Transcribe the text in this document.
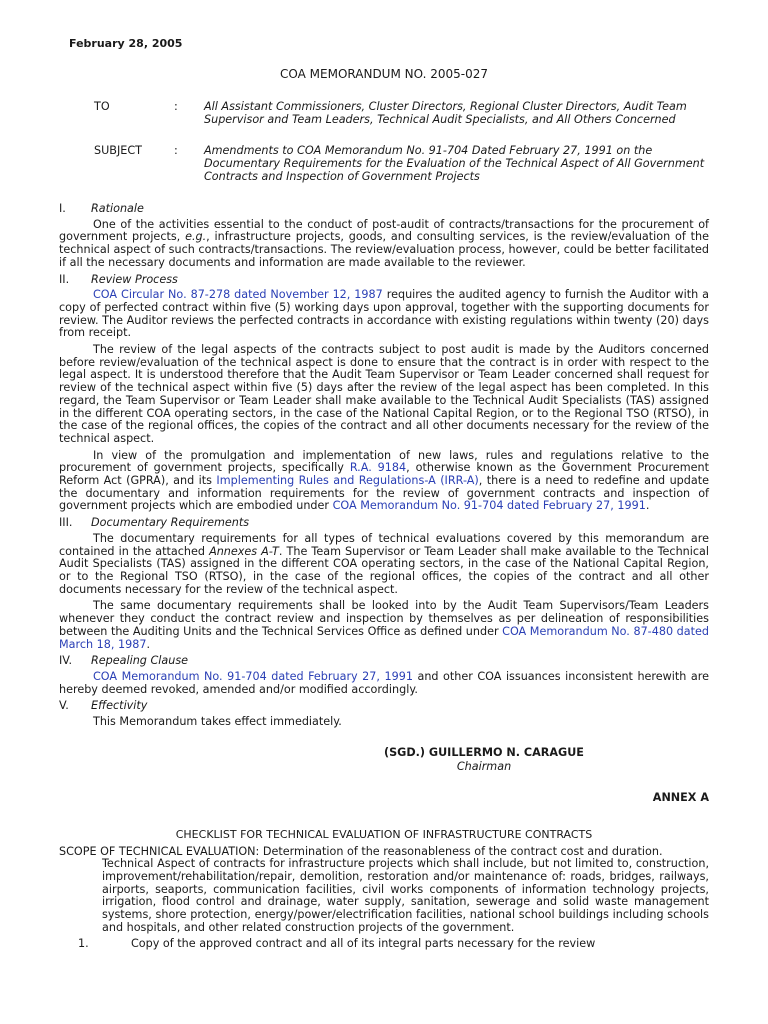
February 28, 2005
COA MEMORANDUM NO. 2005-027
TO	:	All Assistant Commissioners, Cluster Directors, Regional Cluster Directors, Audit Team Supervisor and Team Leaders, Technical Audit Specialists, and All Others Concerned
SUBJECT	:	Amendments to COA Memorandum No. 91-704 Dated February 27, 1991 on the Documentary Requirements for the Evaluation of the Technical Aspect of All Government Contracts and Inspection of Government Projects
I.	Rationale

One of the activities essential to the conduct of post-audit of contracts/transactions for the procurement of government projects, e.g., infrastructure projects, goods, and consulting services, is the review/evaluation of the technical aspect of such contracts/transactions. The review/evaluation process, however, could be better facilitated if all the necessary documents and information are made available to the reviewer.

II.	Review Process

COA Circular No. 87-278 dated November 12, 1987 requires the audited agency to furnish the Auditor with a copy of perfected contract within five (5) working days upon approval, together with the supporting documents for review. The Auditor reviews the perfected contracts in accordance with existing regulations within twenty (20) days from receipt.

The review of the legal aspects of the contracts subject to post audit is made by the Auditors concerned before review/evaluation of the technical aspect is done to ensure that the contract is in order with respect to the legal aspect. It is understood therefore that the Audit Team Supervisor or Team Leader concerned shall request for review of the technical aspect within five (5) days after the review of the legal aspect has been completed. In this regard, the Team Supervisor or Team Leader shall make available to the Technical Audit Specialists (TAS) assigned in the different COA operating sectors, in the case of the National Capital Region, or to the Regional TSO (RTSO), in the case of the regional offices, the copies of the contract and all other documents necessary for the review of the technical aspect.

In view of the promulgation and implementation of new laws, rules and regulations relative to the procurement of government projects, specifically R.A. 9184, otherwise known as the Government Procurement Reform Act (GPRA), and its Implementing Rules and Regulations-A (IRR-A), there is a need to redefine and update the documentary and information requirements for the review of government contracts and inspection of government projects which are embodied under COA Memorandum No. 91-704 dated February 27, 1991.

III.	Documentary Requirements

The documentary requirements for all types of technical evaluations covered by this memorandum are contained in the attached Annexes A-T. The Team Supervisor or Team Leader shall make available to the Technical Audit Specialists (TAS) assigned in the different COA operating sectors, in the case of the National Capital Region, or to the Regional TSO (RTSO), in the case of the regional offices, the copies of the contract and all other documents necessary for the review of the technical aspect.

The same documentary requirements shall be looked into by the Audit Team Supervisors/Team Leaders whenever they conduct the contract review and inspection by themselves as per delineation of responsibilities between the Auditing Units and the Technical Services Office as defined under COA Memorandum No. 87-480 dated March 18, 1987.

IV.	Repealing Clause

COA Memorandum No. 91-704 dated February 27, 1991 and other COA issuances inconsistent herewith are hereby deemed revoked, amended and/or modified accordingly.

V.	Effectivity

This Memorandum takes effect immediately.

(SGD.) GUILLERMO N. CARAGUE
Chairman
ANNEX A
CHECKLIST FOR TECHNICAL EVALUATION OF INFRASTRUCTURE CONTRACTS
SCOPE OF TECHNICAL EVALUATION: Determination of the reasonableness of the contract cost and duration.
Technical Aspect of contracts for infrastructure projects which shall include, but not limited to, construction, improvement/rehabilitation/repair, demolition, restoration and/or maintenance of: roads, bridges, railways, airports, seaports, communication facilities, civil works components of information technology projects, irrigation, flood control and drainage, water supply, sanitation, sewerage and solid waste management systems, shore protection, energy/power/electrification facilities, national school buildings including schools and hospitals, and other related construction projects of the government.
1.	Copy of the approved contract and all of its integral parts necessary for the review
